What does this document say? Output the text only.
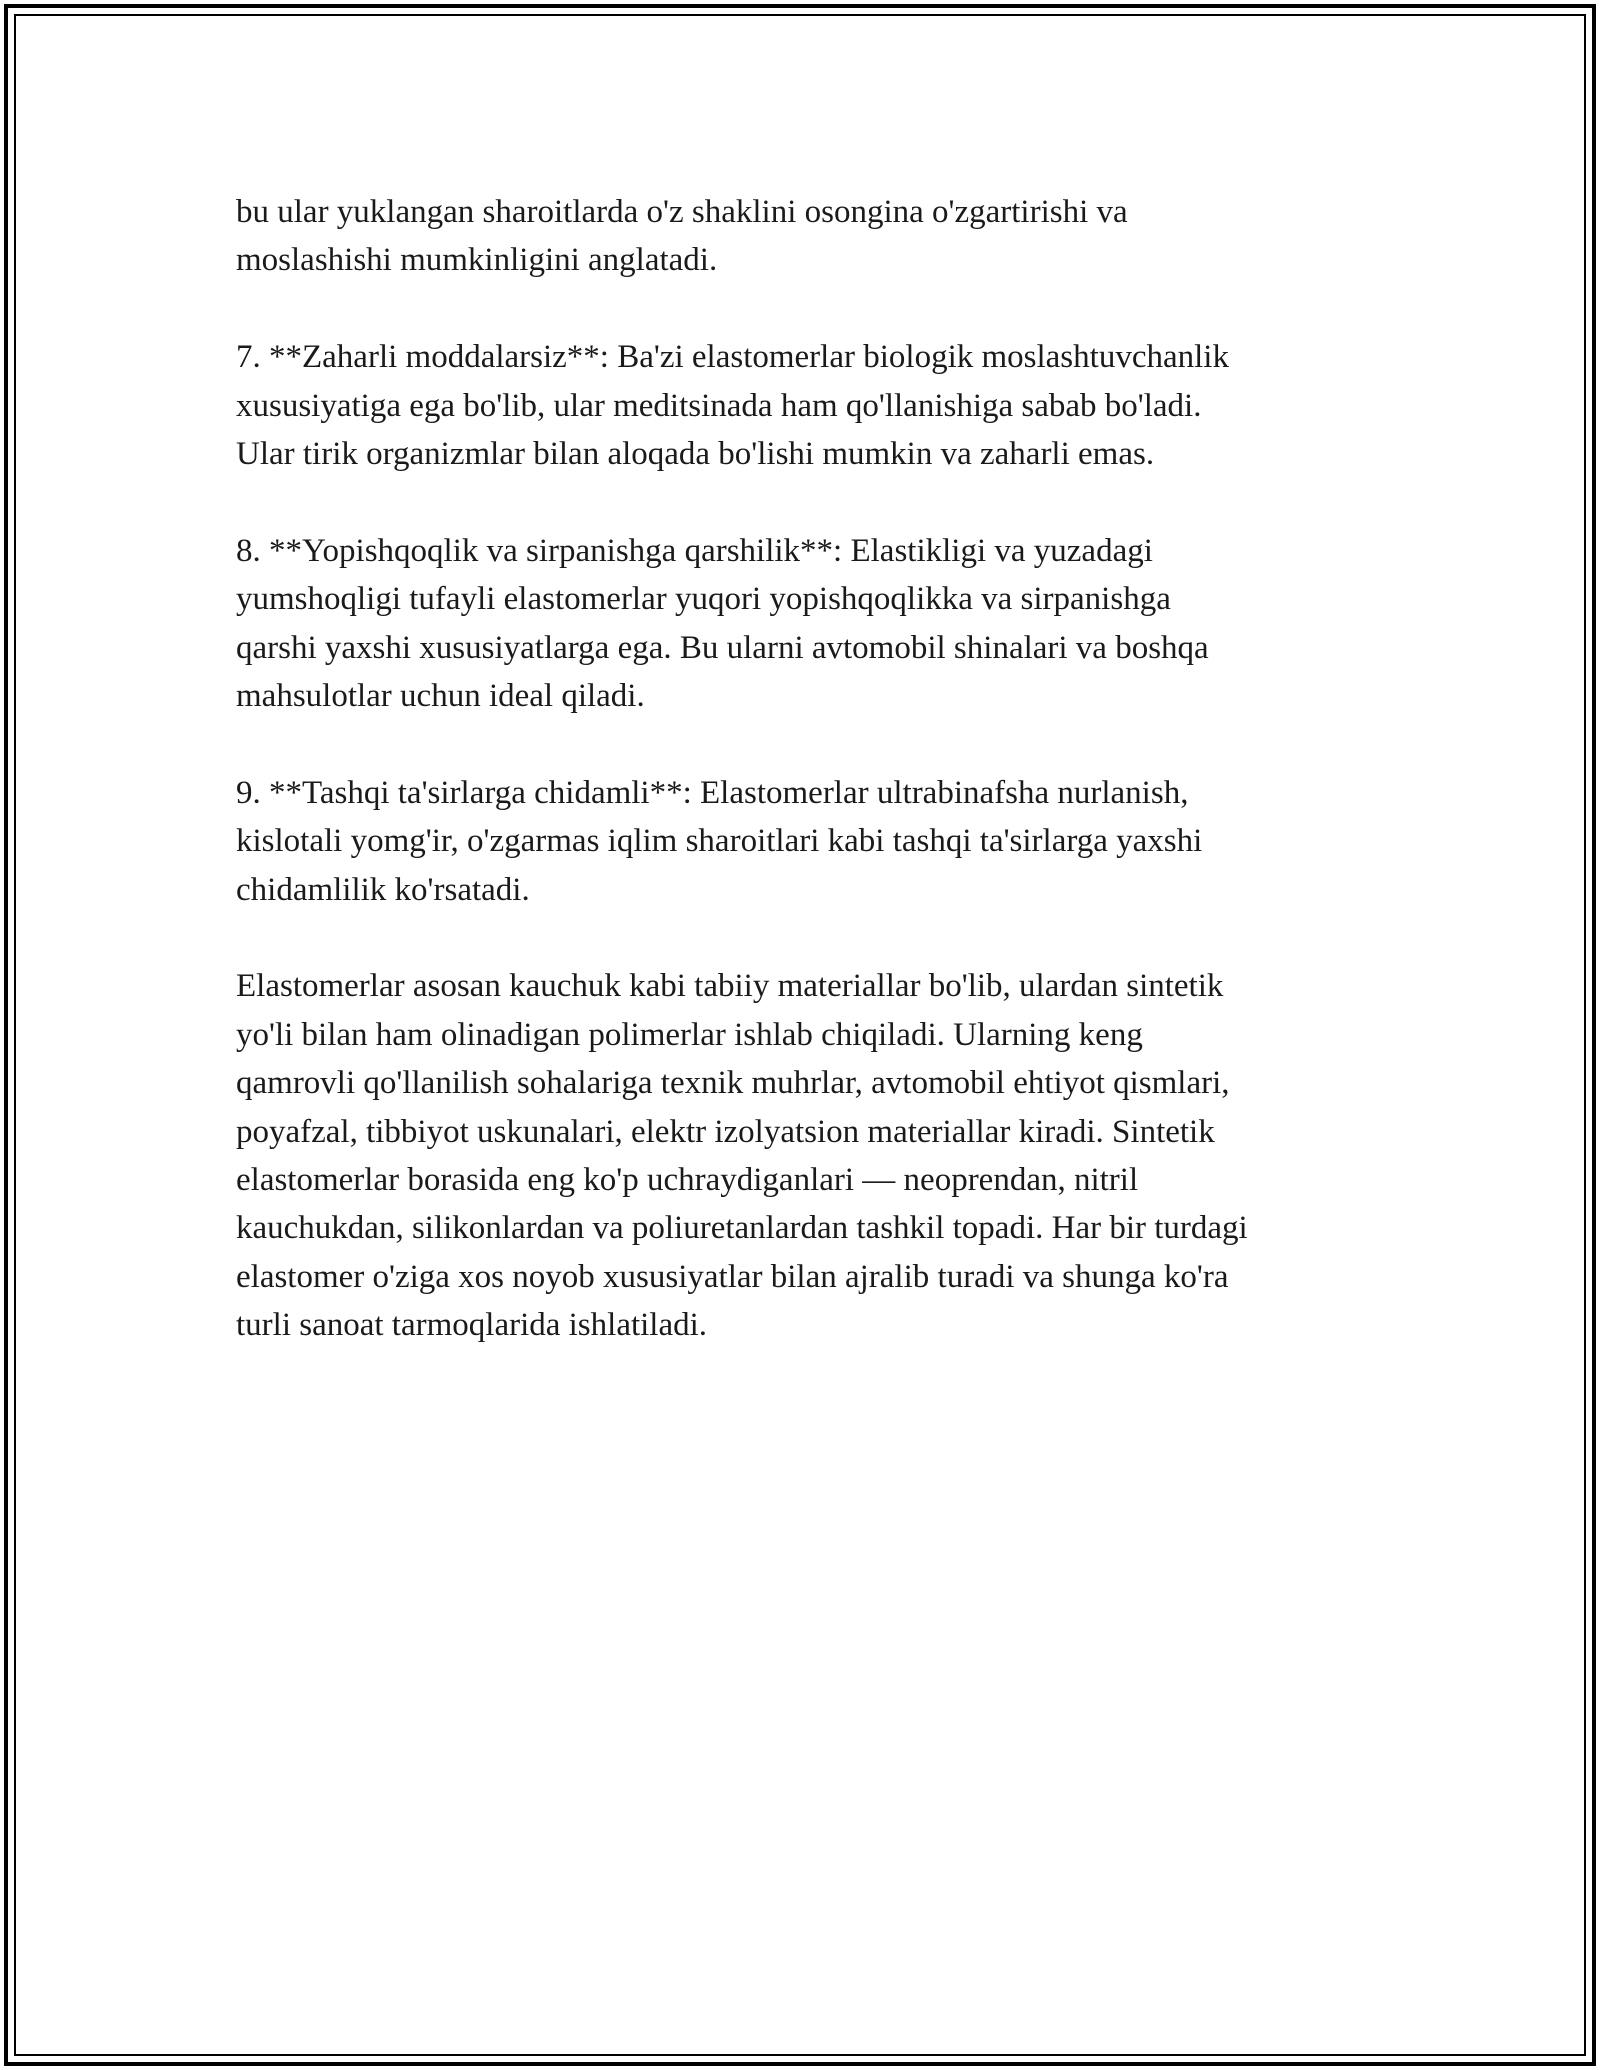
bu ular yuklangan sharoitlarda o'z shaklini osongina o'zgartirishi va
moslashishi mumkinligini anglatadi.

7. **Zaharli moddalarsiz**: Ba'zi elastomerlar biologik moslashtuvchanlik
xususiyatiga ega bo'lib, ular meditsinada ham qo'llanishiga sabab bo'ladi.
Ular tirik organizmlar bilan aloqada bo'lishi mumkin va zaharli emas.

8. **Yopishqoqlik va sirpanishga qarshilik**: Elastikligi va yuzadagi
yumshoqligi tufayli elastomerlar yuqori yopishqoqlikka va sirpanishga
qarshi yaxshi xususiyatlarga ega. Bu ularni avtomobil shinalari va boshqa
mahsulotlar uchun ideal qiladi.

9. **Tashqi ta'sirlarga chidamli**: Elastomerlar ultrabinafsha nurlanish,
kislotali yomg'ir, o'zgarmas iqlim sharoitlari kabi tashqi ta'sirlarga yaxshi
chidamlilik ko'rsatadi.

Elastomerlar asosan kauchuk kabi tabiiy materiallar bo'lib, ulardan sintetik
yo'li bilan ham olinadigan polimerlar ishlab chiqiladi. Ularning keng
qamrovli qo'llanilish sohalariga texnik muhrlar, avtomobil ehtiyot qismlari,
poyafzal, tibbiyot uskunalari, elektr izolyatsion materiallar kiradi. Sintetik
elastomerlar borasida eng ko'p uchraydiganlari — neoprendan, nitril
kauchukdan, silikonlardan va poliuretanlardan tashkil topadi. Har bir turdagi
elastomer o'ziga xos noyob xususiyatlar bilan ajralib turadi va shunga ko'ra
turli sanoat tarmoqlarida ishlatiladi.
